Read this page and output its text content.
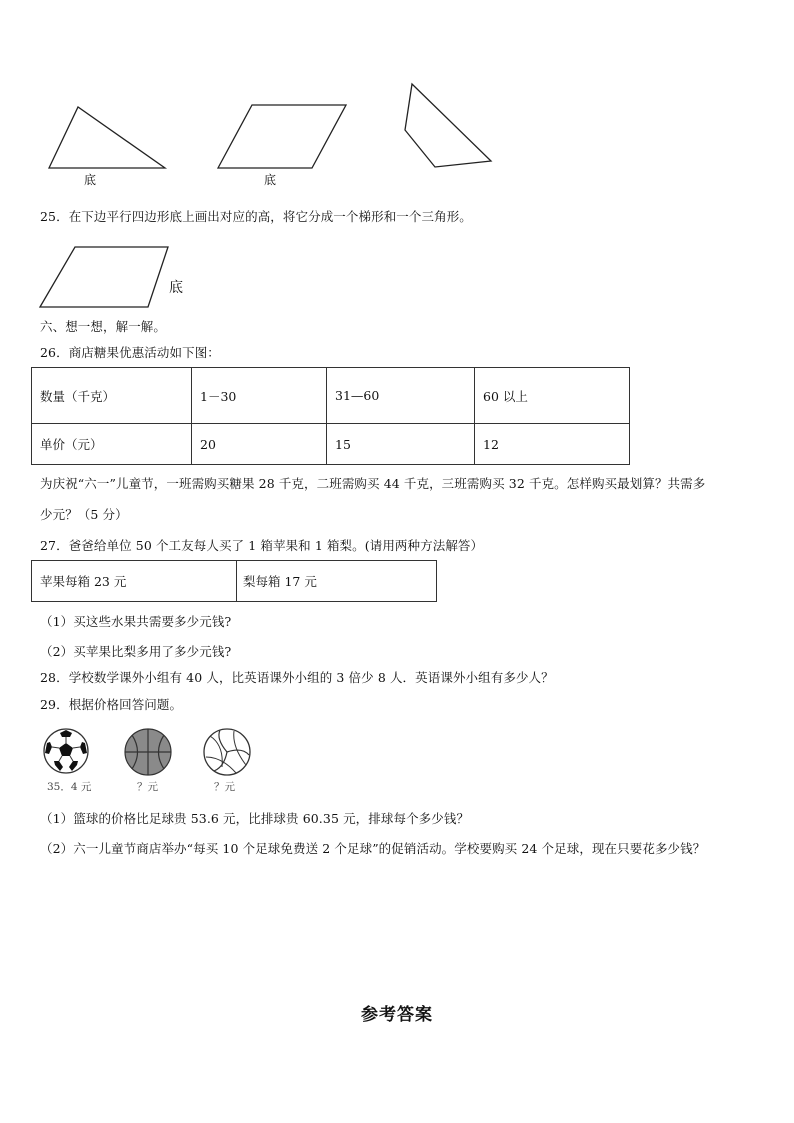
底	底
25．在下边平行四边形底上画出对应的高，将它分成一个梯形和一个三角形。
底
六、想一想，解一解。
26．商店糖果优惠活动如下图：
数量（千克）	1－30	31—60	60 以上
单价（元）	20	15	12
为庆祝“六一”儿童节，一班需购买糖果 28 千克，二班需购买 44 千克，三班需购买 32 千克。怎样购买最划算？共需多
少元？（5 分）
27．爸爸给单位 50 个工友每人买了 1 箱苹果和 1 箱梨。(请用两种方法解答）
苹果每箱 23 元	梨每箱 17 元
（1）买这些水果共需要多少元钱?
（2）买苹果比梨多用了多少元钱?
28．学校数学课外小组有 40 人，比英语课外小组的 3 倍少 8 人．英语课外小组有多少人？
29．根据价格回答问题。
35．4 元	？元	？元
（1）篮球的价格比足球贵 53.6 元，比排球贵 60.35 元，排球每个多少钱？
（2）六一儿童节商店举办“每买 10 个足球免费送 2 个足球”的促销活动。学校要购买 24 个足球，现在只要花多少钱？
参考答案
